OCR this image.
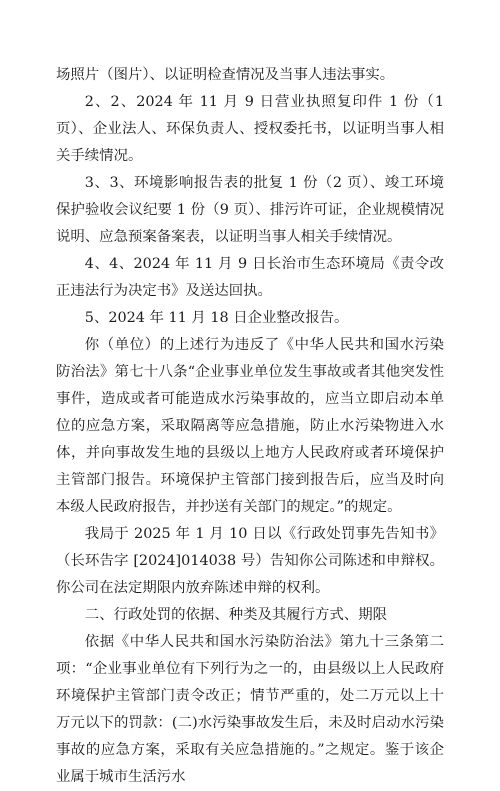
场照片（图片）、以证明检查情况及当事人违法事实。

2、2、2024 年 11 月 9 日营业执照复印件 1 份（1 页）、企业法人、环保负责人、授权委托书，以证明当事人相关手续情况。

3、3、环境影响报告表的批复 1 份（2 页）、竣工环境保护验收会议纪要 1 份（9 页）、排污许可证，企业规模情况说明、应急预案备案表，以证明当事人相关手续情况。

4、4、2024 年 11 月 9 日长治市生态环境局《责令改正违法行为决定书》及送达回执。

5、2024 年 11 月 18 日企业整改报告。

你（单位）的上述行为违反了《中华人民共和国水污染防治法》第七十八条“企业事业单位发生事故或者其他突发性事件，造成或者可能造成水污染事故的，应当立即启动本单位的应急方案，采取隔离等应急措施，防止水污染物进入水体，并向事故发生地的县级以上地方人民政府或者环境保护主管部门报告。环境保护主管部门接到报告后，应当及时向本级人民政府报告，并抄送有关部门的规定。”的规定。

我局于 2025 年 1 月 10 日以《行政处罚事先告知书》（长环告字 [2024]014038 号）告知你公司陈述和申辩权。你公司在法定期限内放弃陈述申辩的权利。

二、行政处罚的依据、种类及其履行方式、期限

依据《中华人民共和国水污染防治法》第九十三条第二项：“企业事业单位有下列行为之一的，由县级以上人民政府环境保护主管部门责令改正；情节严重的，处二万元以上十万元以下的罚款：(二)水污染事故发生后，未及时启动水污染事故的应急方案，采取有关应急措施的。”之规定。鉴于该企业属于城市生活污水
